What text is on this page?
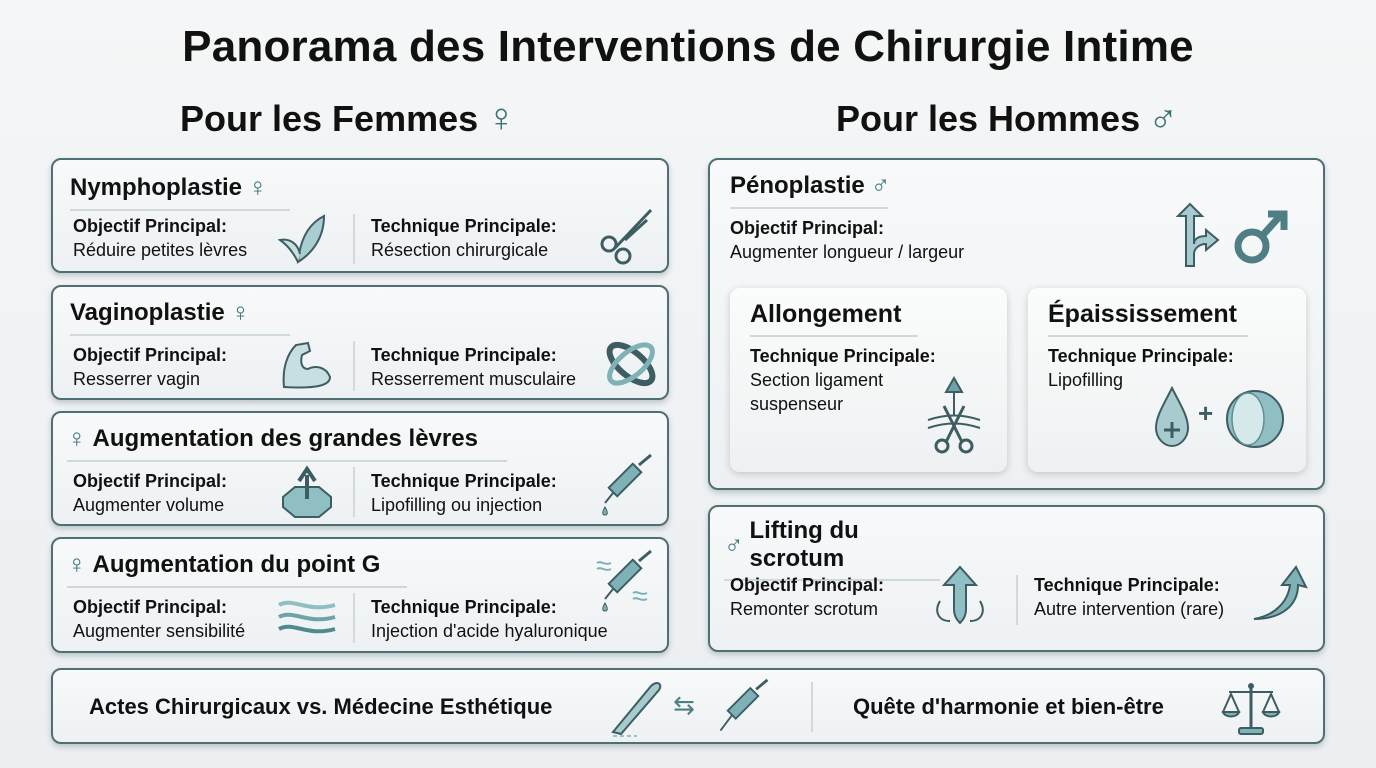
Panorama des Interventions de Chirurgie Intime
Pour les Femmes ♀	Pour les Hommes ♂
Nymphoplastie ♀
Objectif Principal:
Réduire petites lèvres
Technique Principale:
Résection chirurgicale
Vaginoplastie ♀
Objectif Principal:
Resserrer vagin
Technique Principale:
Resserrement musculaire
♀ Augmentation des grandes lèvres
Objectif Principal:
Augmenter volume
Technique Principale:
Lipofilling ou injection
♀ Augmentation du point G
Objectif Principal:
Augmenter sensibilité
Technique Principale:
Injection d'acide hyaluronique
Pénoplastie ♂
Objectif Principal:
Augmenter longueur / largeur
Allongement
Technique Principale:
Section ligament
suspenseur
Épaississement
Technique Principale:
Lipofilling
+
♂ Lifting du scrotum
Objectif Principal:
Remonter scrotum
Technique Principale:
Autre intervention (rare)
Actes Chirurgicaux vs. Médecine Esthétique	⇆	Quête d'harmonie et bien-être
